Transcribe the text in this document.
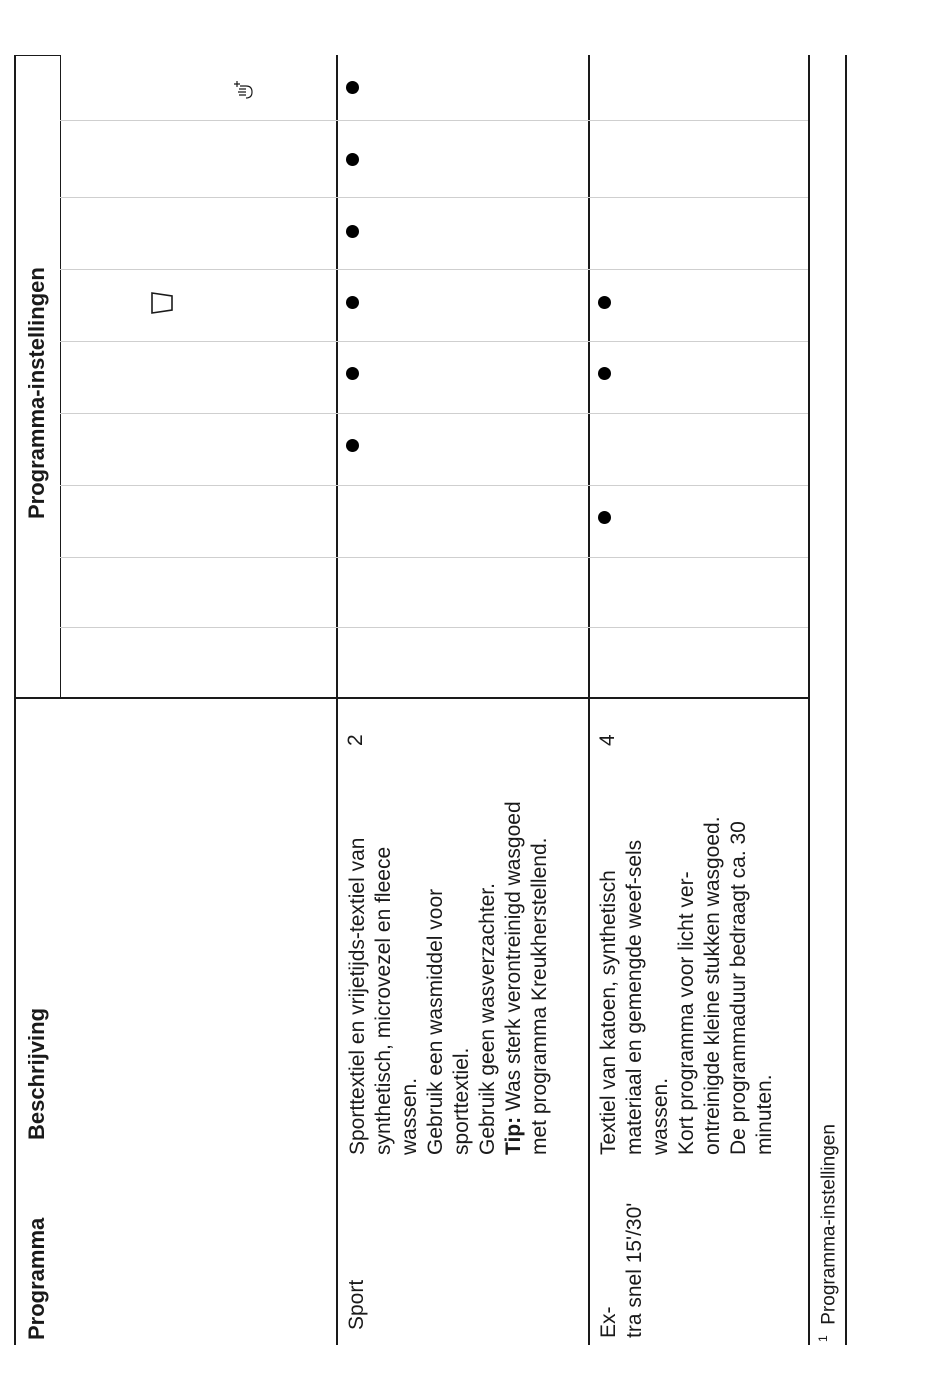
Programma
Beschrijving
Programma-instellingen
Sport

Sporttextiel en vrijetijds-textiel van synthetisch, microvezel en fleece wassen. Gebruik een wasmiddel voor sporttextiel. Gebruik geen wasverzachter. Tip: Was sterk verontreinigd wasgoed met programma Kreukherstellend.

2
Ex- tra snel 15'/30'

Textiel van katoen, synthetisch materiaal en gemengde weef-sels wassen. Kort programma voor licht ver-ontreinigde kleine stukken wasgoed. De programmaduur bedraagt ca. 30 minuten.

4
$^1$  Programma-instellingen
